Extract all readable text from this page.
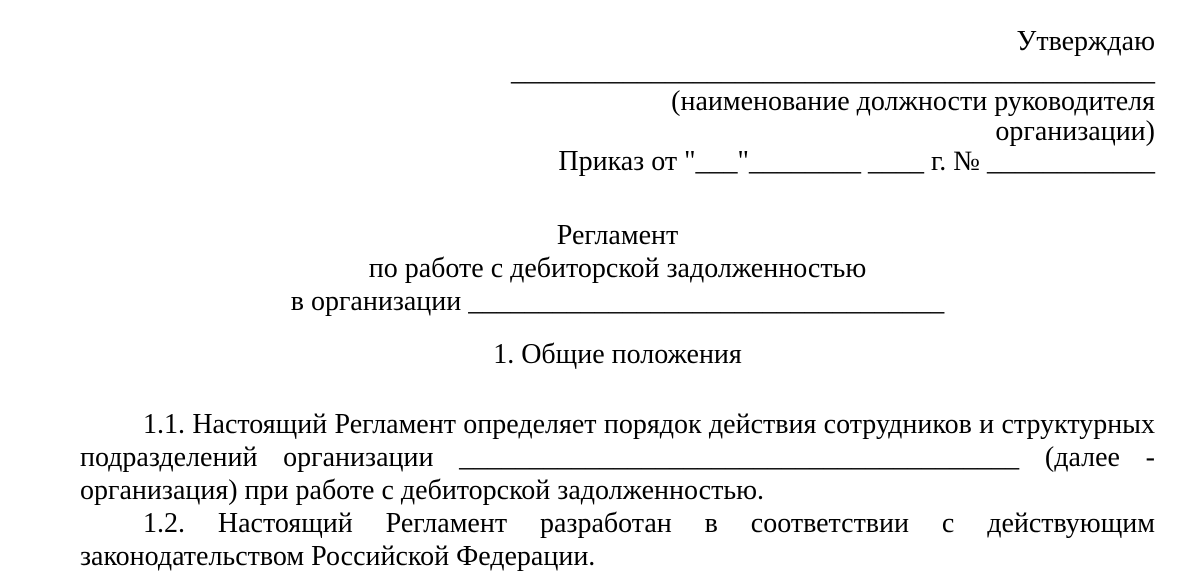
Утверждаю
______________________________________________
(наименование должности руководителя
организации)
Приказ от "___"________ ____ г. № ____________
Регламент
по работе с дебиторской задолженностью
в организации __________________________________
1. Общие положения
1.1. Настоящий Регламент определяет порядок действия сотрудников и структурных
подразделений организации ________________________________________ (далее -
организация) при работе с дебиторской задолженностью.
1.2. Настоящий Регламент разработан в соответствии с действующим
законодательством Российской Федерации.
